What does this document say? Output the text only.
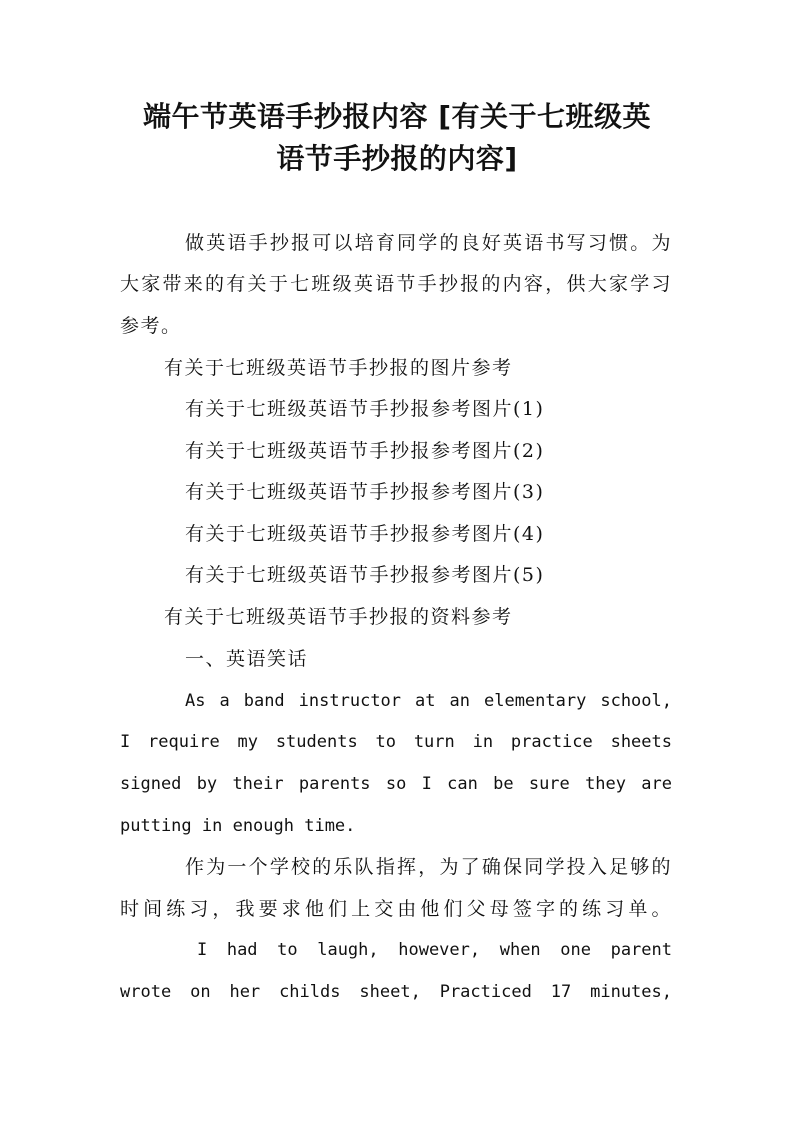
端午节英语手抄报内容 [有关于七班级英
语节手抄报的内容]
做英语手抄报可以培育同学的良好英语书写习惯。为
大家带来的有关于七班级英语节手抄报的内容，供大家学习
参考。
有关于七班级英语节手抄报的图片参考
有关于七班级英语节手抄报参考图片(1)
有关于七班级英语节手抄报参考图片(2)
有关于七班级英语节手抄报参考图片(3)
有关于七班级英语节手抄报参考图片(4)
有关于七班级英语节手抄报参考图片(5)
有关于七班级英语节手抄报的资料参考
一、英语笑话
As a band instructor at an elementary school,
I require my students to turn in practice sheets
signed by their parents so I can be sure they are
putting in enough time.
作为一个学校的乐队指挥，为了确保同学投入足够的
时间练习，我要求他们上交由他们父母签字的练习单。
I had to laugh, however, when one parent
wrote on her childs sheet, Practiced 17 minutes,
